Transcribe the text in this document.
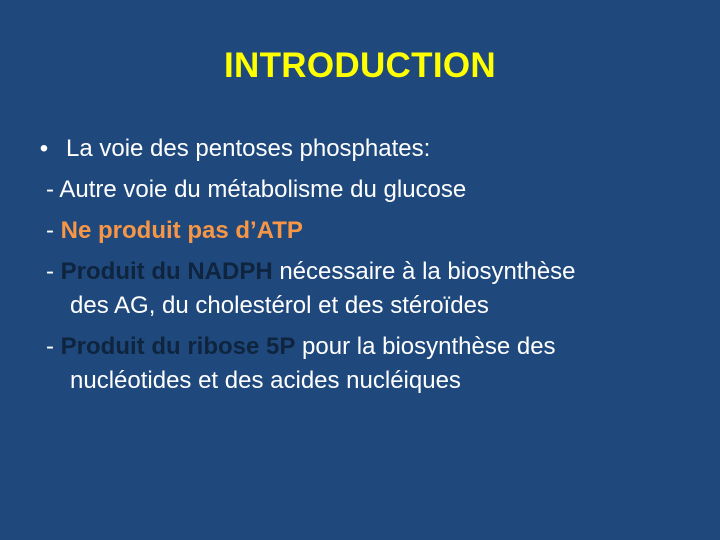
INTRODUCTION
• La voie des pentoses phosphates:
- Autre voie du métabolisme du glucose
- Ne produit pas d’ATP
- Produit du NADPH nécessaire à la biosynthèse
des AG, du cholestérol et des stéroïdes
- Produit du ribose 5P pour la biosynthèse des
nucléotides et des acides nucléiques
